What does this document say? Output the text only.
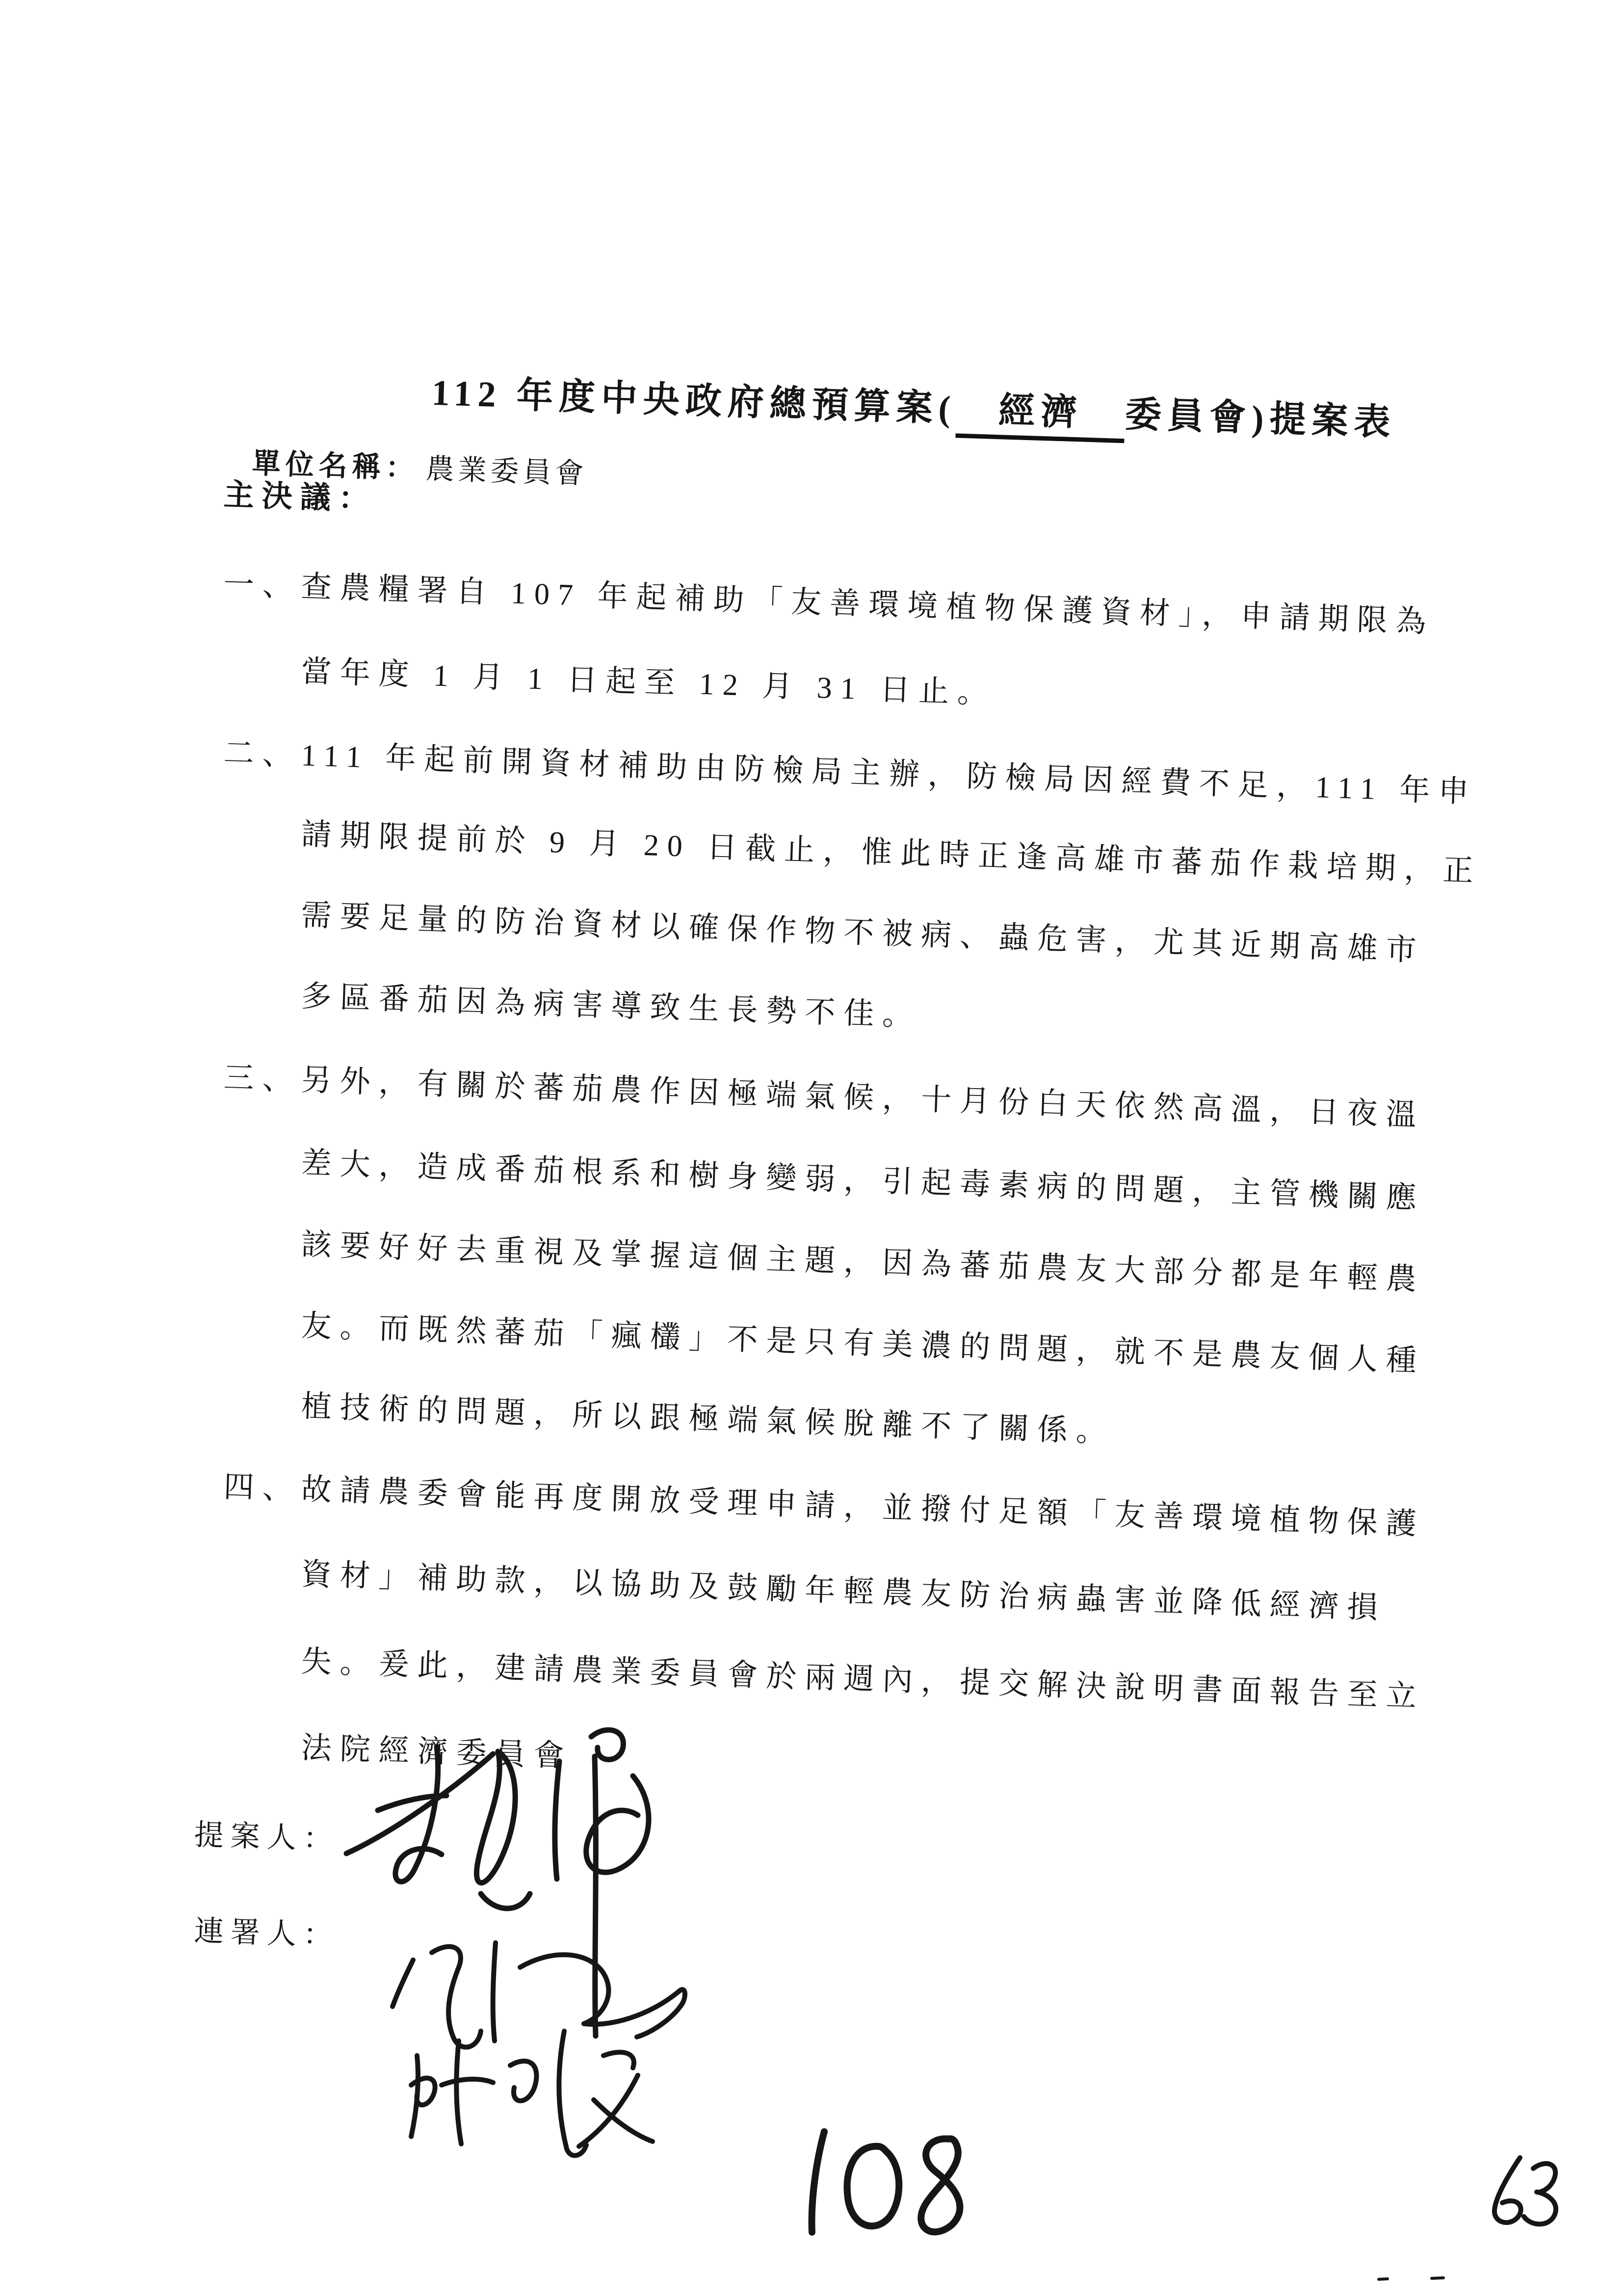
112 年度中央政府總預算案(　經濟　委員會)提案表

單位名稱： 農業委員會

主決議：
一、查農糧署自 107 年起補助「友善環境植物保護資材」，申請期限為
當年度 1 月 1 日起至 12 月 31 日止。
二、111 年起前開資材補助由防檢局主辦，防檢局因經費不足，111 年申
請期限提前於 9 月 20 日截止，惟此時正逢高雄市蕃茄作栽培期，正
需要足量的防治資材以確保作物不被病、蟲危害，尤其近期高雄市
多區番茄因為病害導致生長勢不佳。
三、另外，有關於蕃茄農作因極端氣候，十月份白天依然高溫，日夜溫
差大，造成番茄根系和樹身變弱，引起毒素病的問題，主管機關應
該要好好去重視及掌握這個主題，因為蕃茄農友大部分都是年輕農
友。而既然蕃茄「瘋欉」不是只有美濃的問題，就不是農友個人種
植技術的問題，所以跟極端氣候脫離不了關係。
四、故請農委會能再度開放受理申請，並撥付足額「友善環境植物保護
資材」補助款，以協助及鼓勵年輕農友防治病蟲害並降低經濟損
失。爰此，建請農業委員會於兩週內，提交解決說明書面報告至立
法院經濟委員會
提案人：
連署人：
